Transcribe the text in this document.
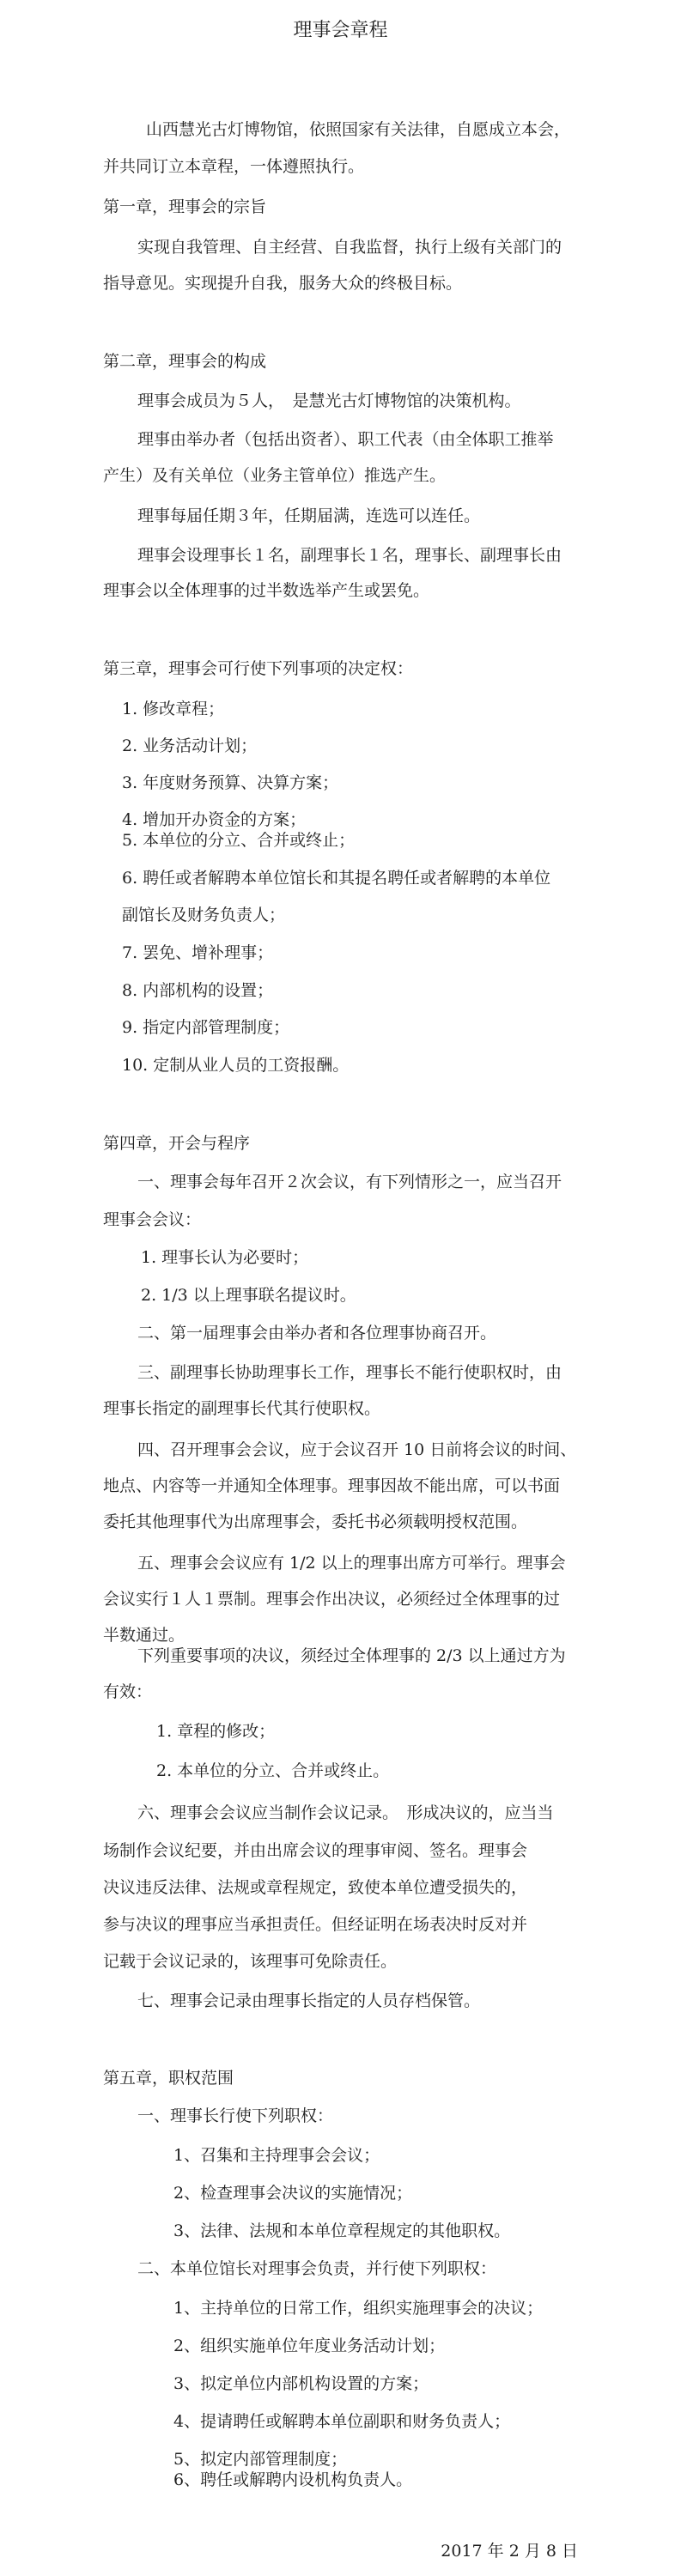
理事会章程
山西慧光古灯博物馆，依照国家有关法律，自愿成立本会，
并共同订立本章程，一体遵照执行。
第一章，理事会的宗旨
实现自我管理、自主经营、自我监督，执行上级有关部门的
指导意见。实现提升自我，服务大众的终极目标。
第二章，理事会的构成
理事会成员为５人，　是慧光古灯博物馆的决策机构。
理事由举办者（包括出资者）、职工代表（由全体职工推举
产生）及有关单位（业务主管单位）推选产生。
理事每届任期３年，任期届满，连选可以连任。
理事会设理事长１名，副理事长１名，理事长、副理事长由
理事会以全体理事的过半数选举产生或罢免。
第三章，理事会可行使下列事项的决定权：
1. 修改章程；
2. 业务活动计划；
3. 年度财务预算、决算方案；
4. 增加开办资金的方案；
5. 本单位的分立、合并或终止；
6. 聘任或者解聘本单位馆长和其提名聘任或者解聘的本单位
副馆长及财务负责人；
7. 罢免、增补理事；
8. 内部机构的设置；
9. 指定内部管理制度；
10. 定制从业人员的工资报酬。
第四章，开会与程序
一、理事会每年召开２次会议，有下列情形之一，应当召开
理事会会议：
1. 理事长认为必要时；
2. 1/3 以上理事联名提议时。
二、第一届理事会由举办者和各位理事协商召开。
三、副理事长协助理事长工作，理事长不能行使职权时，由
理事长指定的副理事长代其行使职权。
四、召开理事会会议，应于会议召开 10 日前将会议的时间、
地点、内容等一并通知全体理事。理事因故不能出席，可以书面
委托其他理事代为出席理事会，委托书必须载明授权范围。
五、理事会会议应有 1/2 以上的理事出席方可举行。理事会
会议实行１人１票制。理事会作出决议，必须经过全体理事的过
半数通过。
下列重要事项的决议，须经过全体理事的 2/3 以上通过方为
有效：
1. 章程的修改；
2. 本单位的分立、合并或终止。
六、理事会会议应当制作会议记录。　形成决议的，应当当
场制作会议纪要，并由出席会议的理事审阅、签名。理事会
决议违反法律、法规或章程规定，致使本单位遭受损失的，
参与决议的理事应当承担责任。但经证明在场表决时反对并
记载于会议记录的，该理事可免除责任。
七、理事会记录由理事长指定的人员存档保管。
第五章，职权范围
一、理事长行使下列职权：
1、召集和主持理事会会议；
2、检查理事会决议的实施情况；
3、法律、法规和本单位章程规定的其他职权。
二、本单位馆长对理事会负责，并行使下列职权：
1、主持单位的日常工作，组织实施理事会的决议；
2、组织实施单位年度业务活动计划；
3、拟定单位内部机构设置的方案；
4、提请聘任或解聘本单位副职和财务负责人；
5、拟定内部管理制度；
6、聘任或解聘内设机构负责人。
2017 年 2 月 8 日
